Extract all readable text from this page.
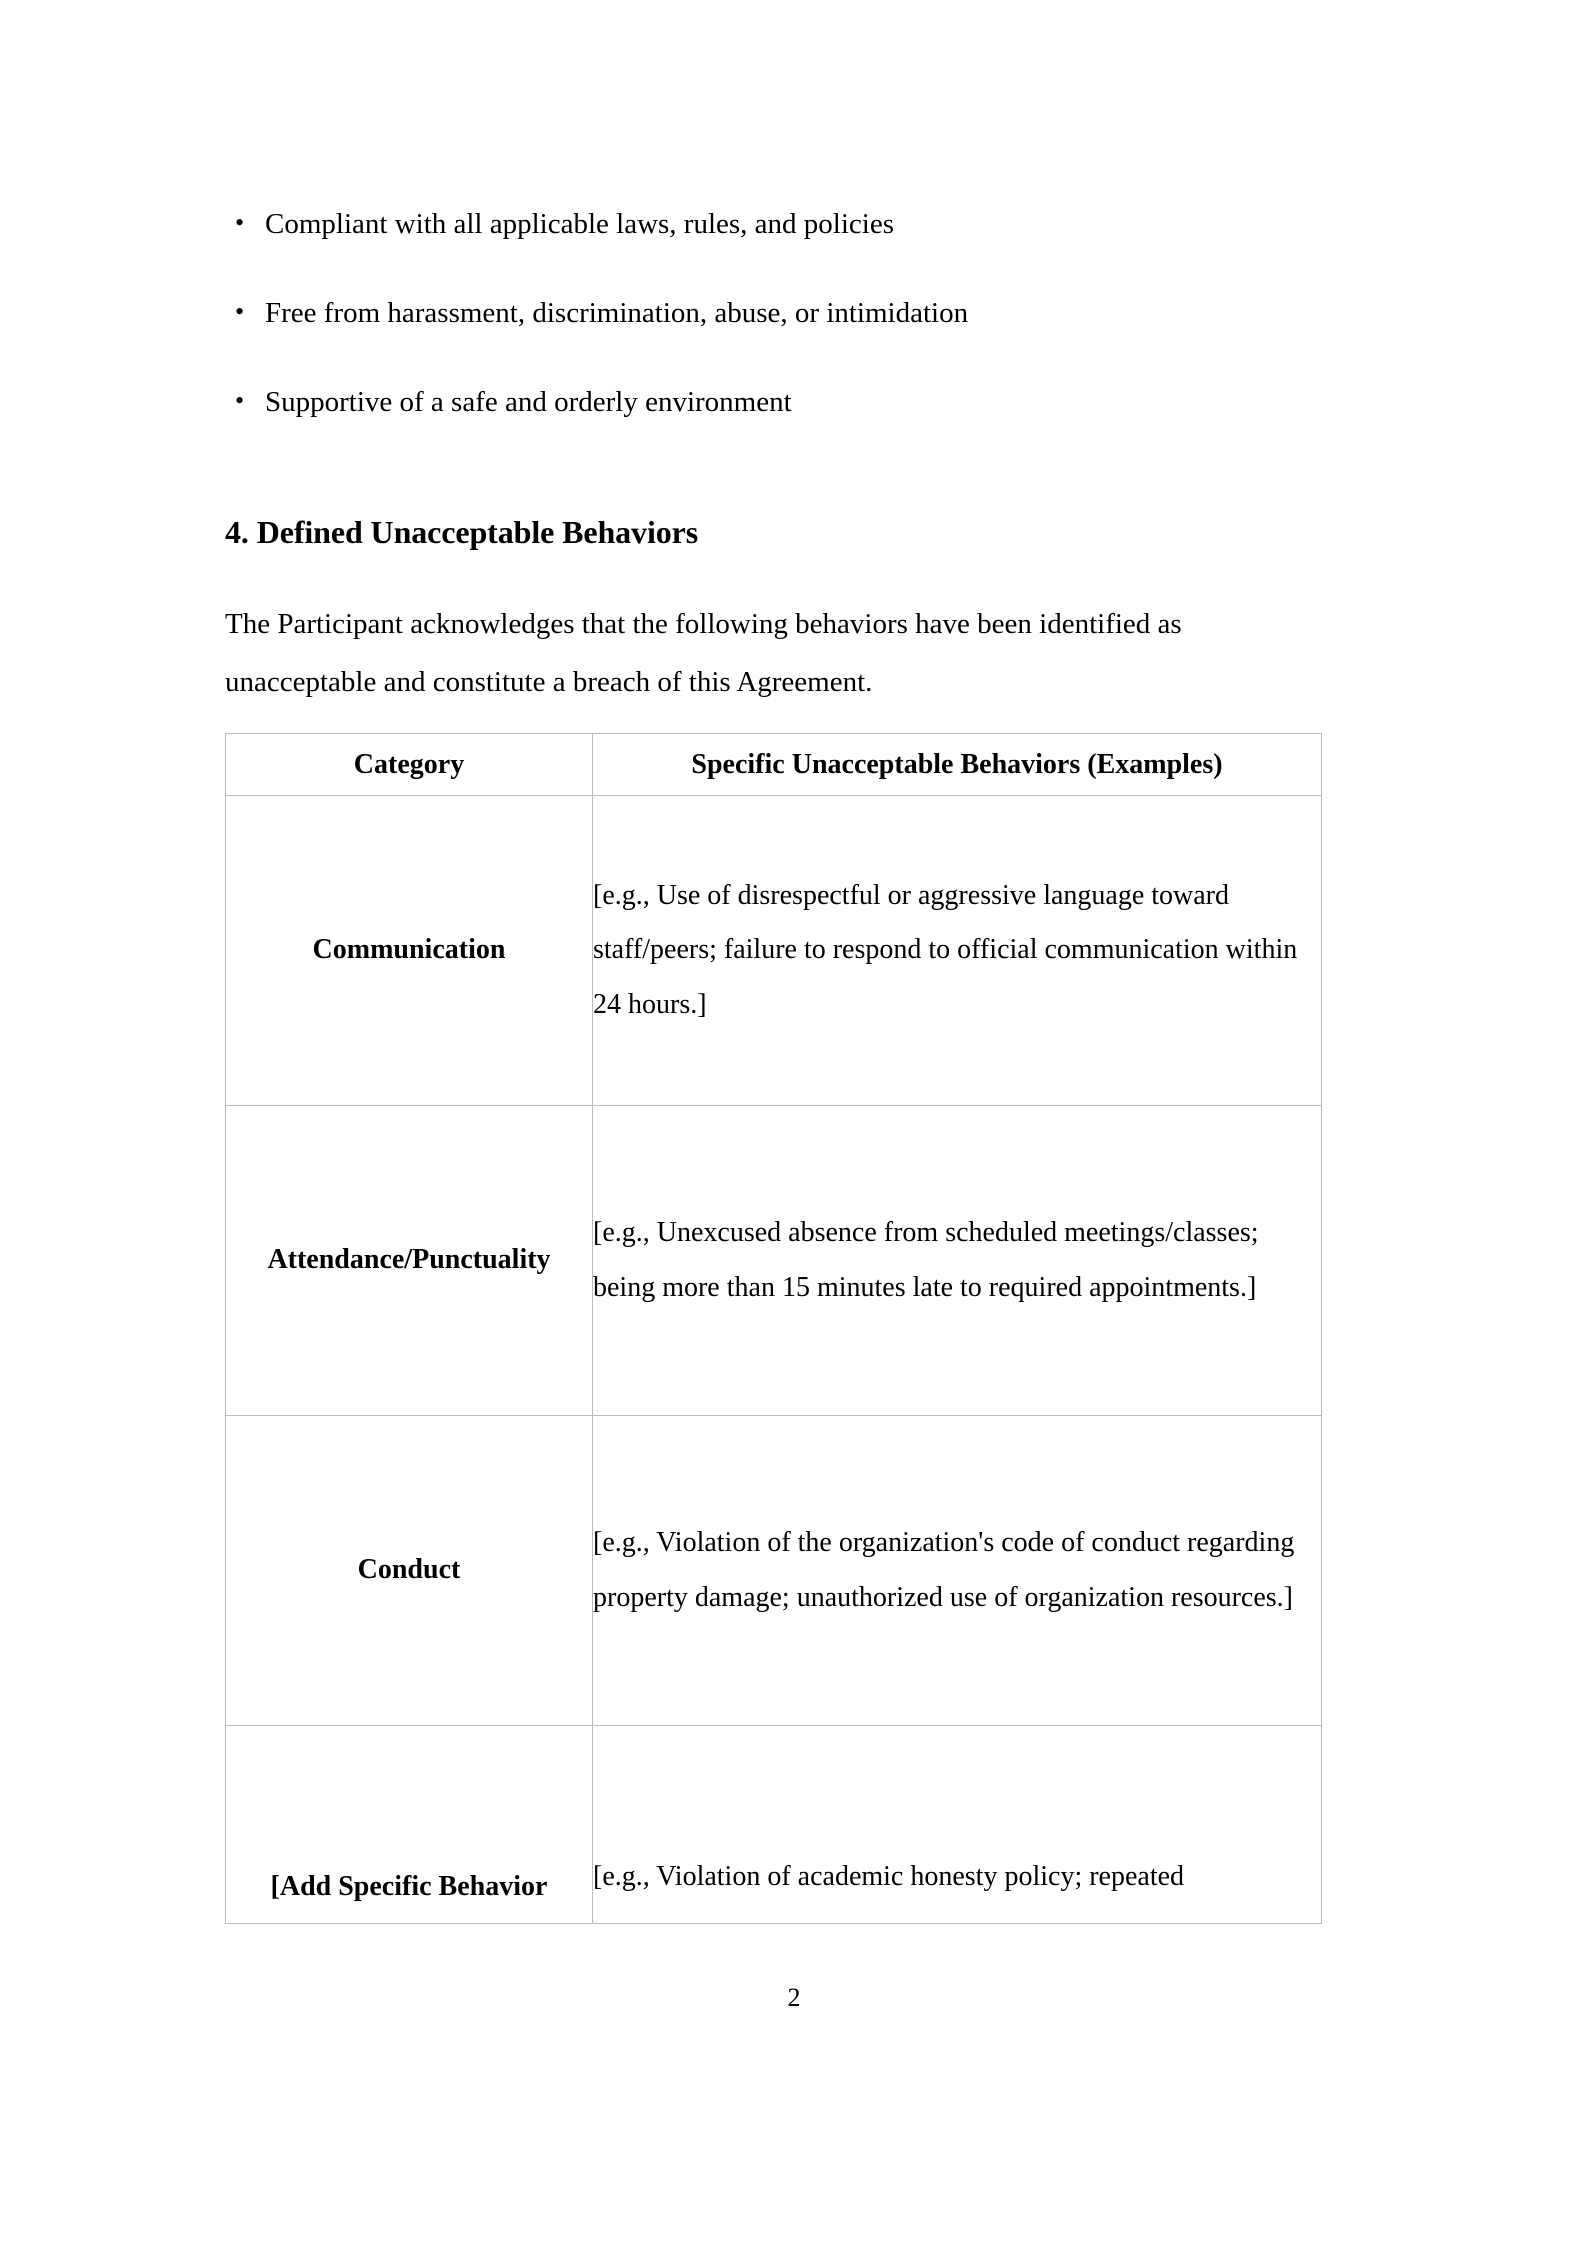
• Compliant with all applicable laws, rules, and policies
• Free from harassment, discrimination, abuse, or intimidation
• Supportive of a safe and orderly environment
4. Defined Unacceptable Behaviors

The Participant acknowledges that the following behaviors have been identified as unacceptable and constitute a breach of this Agreement.

Category	Specific Unacceptable Behaviors (Examples)
Communication	[e.g., Use of disrespectful or aggressive language toward staff/peers; failure to respond to official communication within 24 hours.]
Attendance/Punctuality	[e.g., Unexcused absence from scheduled meetings/classes; being more than 15 minutes late to required appointments.]
Conduct	[e.g., Violation of the organization's code of conduct regarding property damage; unauthorized use of organization resources.]
[Add Specific Behavior	[e.g., Violation of academic honesty policy; repeated
2
